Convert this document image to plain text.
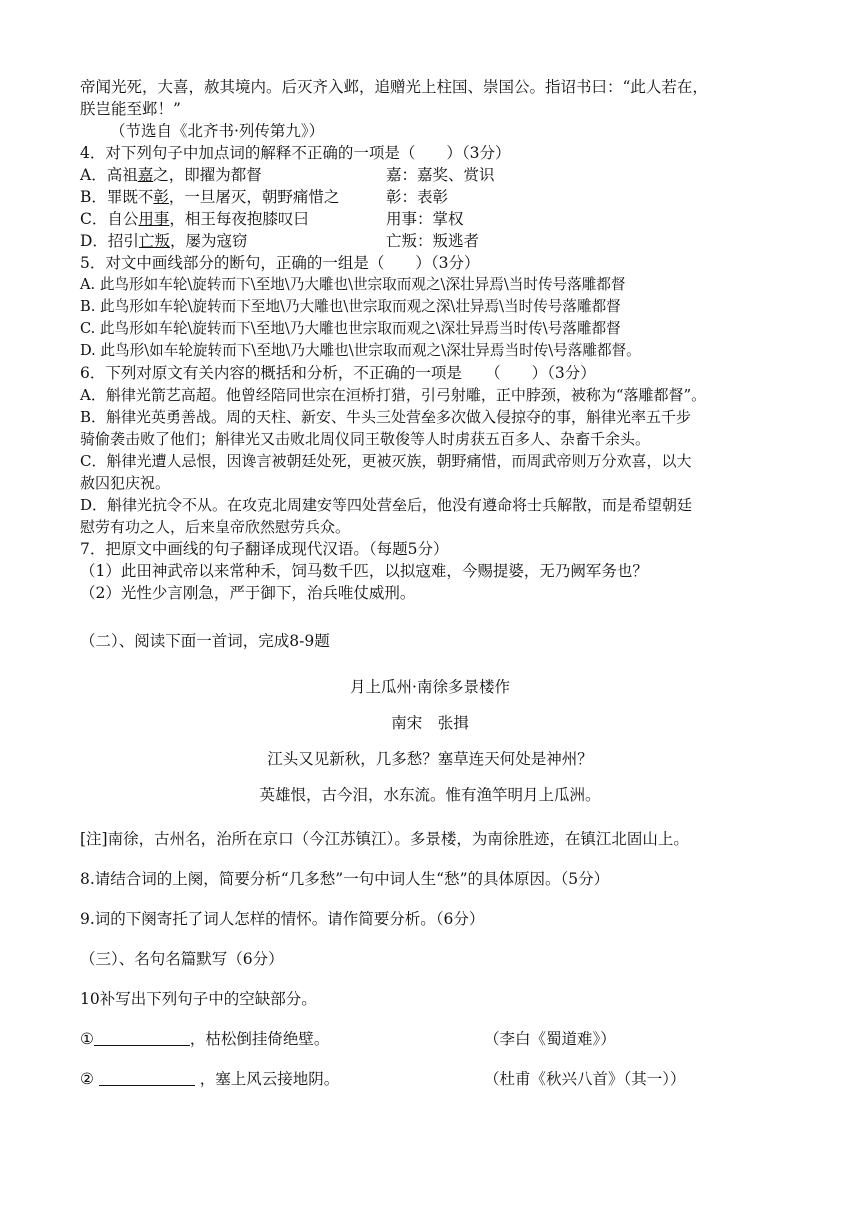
帝闻光死，大喜，赦其境内。后灭齐入邺，追赠光上柱国、崇国公。指诏书曰：“此人若在，
朕岂能至邺！”
（节选自《北齐书·列传第九》）
4．对下列句子中加点词的解释不正确的一项是（　　）（3分）
A．高祖嘉之，即擢为都督	嘉：嘉奖、赏识
B．罪既不彰，一旦屠灭，朝野痛惜之	彰：表彰
C．自公用事，相王每夜抱膝叹曰	用事：掌权
D．招引亡叛，屡为寇窃	亡叛：叛逃者
5．对文中画线部分的断句，正确的一组是（　　）（3分）
A. 此鸟形如车轮\旋转而下\至地\乃大雕也\世宗取而观之\深壮异焉\当时传号落雕都督
B. 此鸟形如车轮\旋转而下至地\乃大雕也\世宗取而观之深\壮异焉\当时传号落雕都督
C. 此鸟形如车轮\旋转而下\至地\乃大雕也世宗取而观之\深壮异焉当时传\号落雕都督
D. 此鸟形\如车轮旋转而下\至地\乃大雕也\世宗取而观之\深壮异焉当时传\号落雕都督。
6．下列对原文有关内容的概括和分析，不正确的一项是　　（　　）（3分）
A．斛律光箭艺高超。他曾经陪同世宗在洹桥打猎，引弓射雕，正中脖颈，被称为“落雕都督”。
B．斛律光英勇善战。周的天柱、新安、牛头三处营垒多次做入侵掠夺的事，斛律光率五千步
骑偷袭击败了他们；斛律光又击败北周仪同王敬俊等人时虏获五百多人、杂畜千余头。
C．斛律光遭人忌恨，因谗言被朝廷处死，更被灭族，朝野痛惜，而周武帝则万分欢喜，以大
赦囚犯庆祝。
D．斛律光抗令不从。在攻克北周建安等四处营垒后，他没有遵命将士兵解散，而是希望朝廷
慰劳有功之人，后来皇帝欣然慰劳兵众。
7．把原文中画线的句子翻译成现代汉语。（每题5分）
（1）此田神武帝以来常种禾，饲马数千匹，以拟寇难，今赐提婆，无乃阙军务也？
（2）光性少言刚急，严于御下，治兵唯仗威刑。
（二）、阅读下面一首词，完成8-9题
月上瓜州·南徐多景楼作
南宋　张揖
江头又见新秋，几多愁？塞草连天何处是神州？
英雄恨，古今泪，水东流。惟有渔竿明月上瓜洲。
[注]南徐，古州名，治所在京口（今江苏镇江）。多景楼，为南徐胜迹，在镇江北固山上。
8.请结合词的上阕，简要分析“几多愁”一句中词人生“愁”的具体原因。（5分）
9.词的下阕寄托了词人怎样的情怀。请作简要分析。（6分）
（三）、名句名篇默写（6分）
10补写出下列句子中的空缺部分。
①	，枯松倒挂倚绝壁。	（李白《蜀道难》）
②	，塞上风云接地阴。	（杜甫《秋兴八首》（其一））
